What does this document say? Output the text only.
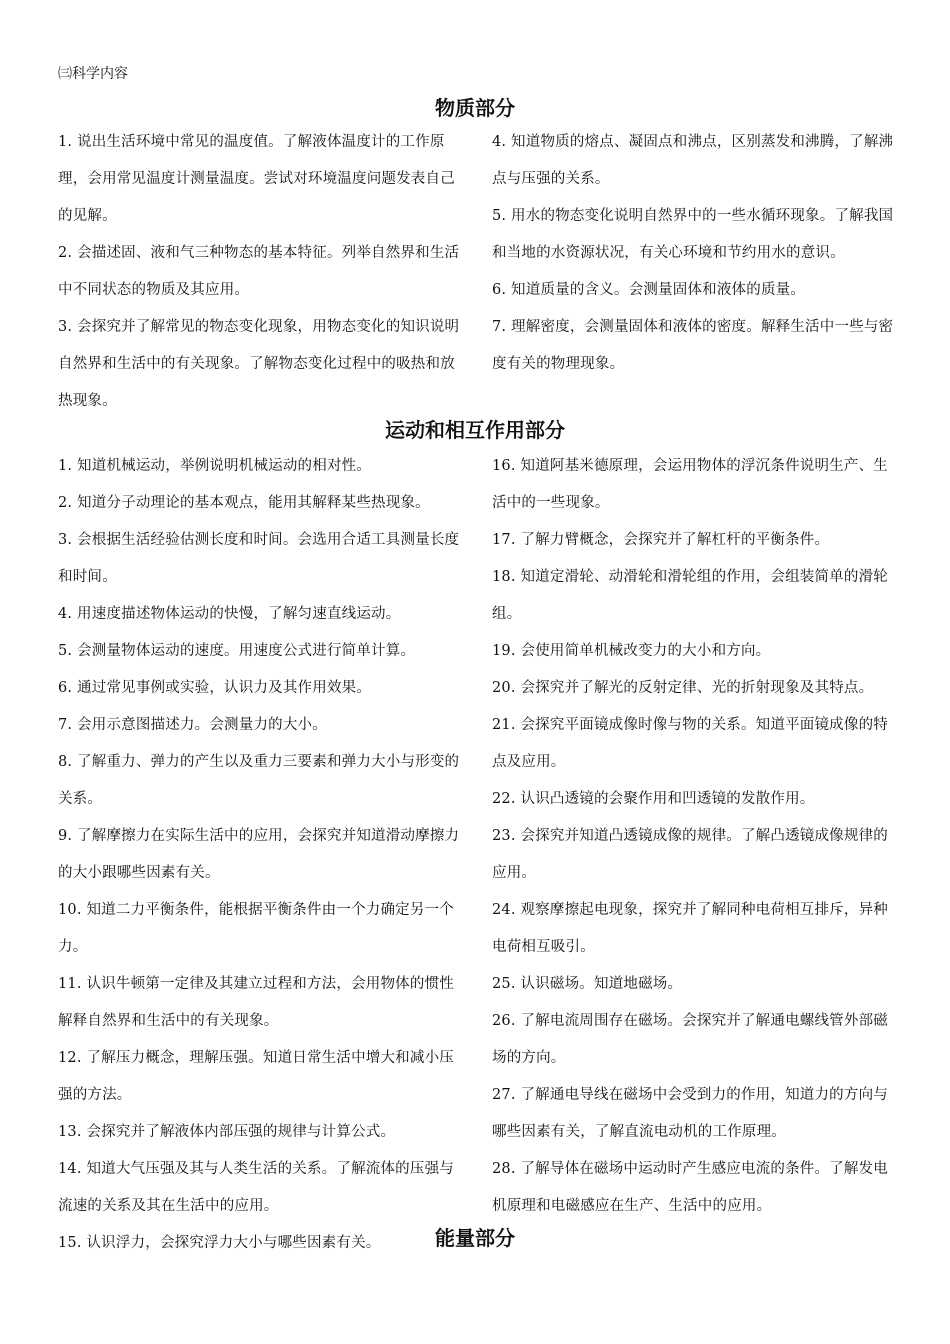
㈢科学内容
物质部分

1. 说出生活环境中常见的温度值。了解液体温度计的工作原理，会用常见温度计测量温度。尝试对环境温度问题发表自己的见解。

2. 会描述固、液和气三种物态的基本特征。列举自然界和生活中不同状态的物质及其应用。

3. 会探究并了解常见的物态变化现象，用物态变化的知识说明自然界和生活中的有关现象。了解物态变化过程中的吸热和放热现象。

4. 知道物质的熔点、凝固点和沸点，区别蒸发和沸腾，了解沸点与压强的关系。

5. 用水的物态变化说明自然界中的一些水循环现象。了解我国和当地的水资源状况，有关心环境和节约用水的意识。

6. 知道质量的含义。会测量固体和液体的质量。

7. 理解密度，会测量固体和液体的密度。解释生活中一些与密度有关的物理现象。

运动和相互作用部分

1. 知道机械运动，举例说明机械运动的相对性。

2. 知道分子动理论的基本观点，能用其解释某些热现象。

3. 会根据生活经验估测长度和时间。会选用合适工具测量长度和时间。

4. 用速度描述物体运动的快慢，了解匀速直线运动。

5. 会测量物体运动的速度。用速度公式进行简单计算。

6. 通过常见事例或实验，认识力及其作用效果。

7. 会用示意图描述力。会测量力的大小。

8. 了解重力、弹力的产生以及重力三要素和弹力大小与形变的关系。

9. 了解摩擦力在实际生活中的应用，会探究并知道滑动摩擦力的大小跟哪些因素有关。

10. 知道二力平衡条件，能根据平衡条件由一个力确定另一个力。

11. 认识牛顿第一定律及其建立过程和方法，会用物体的惯性解释自然界和生活中的有关现象。

12. 了解压力概念，理解压强。知道日常生活中增大和减小压强的方法。

13. 会探究并了解液体内部压强的规律与计算公式。

14. 知道大气压强及其与人类生活的关系。了解流体的压强与流速的关系及其在生活中的应用。

15. 认识浮力，会探究浮力大小与哪些因素有关。

16. 知道阿基米德原理，会运用物体的浮沉条件说明生产、生活中的一些现象。

17. 了解力臂概念，会探究并了解杠杆的平衡条件。

18. 知道定滑轮、动滑轮和滑轮组的作用，会组装简单的滑轮组。

19. 会使用简单机械改变力的大小和方向。

20. 会探究并了解光的反射定律、光的折射现象及其特点。

21. 会探究平面镜成像时像与物的关系。知道平面镜成像的特点及应用。

22. 认识凸透镜的会聚作用和凹透镜的发散作用。

23. 会探究并知道凸透镜成像的规律。了解凸透镜成像规律的应用。

24. 观察摩擦起电现象，探究并了解同种电荷相互排斥，异种电荷相互吸引。

25. 认识磁场。知道地磁场。

26. 了解电流周围存在磁场。会探究并了解通电螺线管外部磁场的方向。

27. 了解通电导线在磁场中会受到力的作用，知道力的方向与哪些因素有关，了解直流电动机的工作原理。

28. 了解导体在磁场中运动时产生感应电流的条件。了解发电机原理和电磁感应在生产、生活中的应用。

能量部分
